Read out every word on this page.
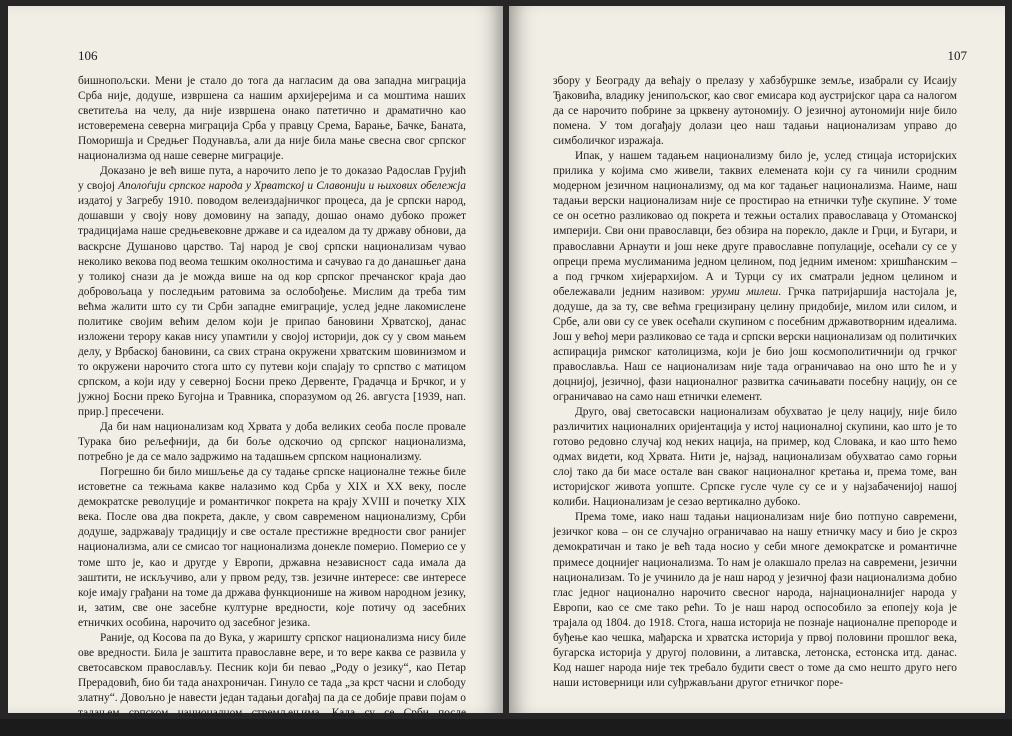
106

бишнопољски. Мени је стало до тога да нагласим да ова западна миграција Срба није, додуше, извршена са нашим архијерејима и са моштима наших светитеља на челу, да није извршена онако патетично и драматично као истоверемена северна миграција Срба у правцу Срема, Барање, Бачке, Баната, Поморишја и Средњег Подунавља, али да није била мање свесна свог српског национализма од наше северне миграције.

Доказано је већ више пута, а нарочито лепо је то доказао Радослав Грујић у својој Аполоѓији српског народа у Хрватској и Славонији и њихових обележја издатој у Загребу 1910. поводом велеиздајничког процеса, да је српски народ, дошавши у своју нову домовину на западу, дошао онамо дубоко прожет традицијама наше средњевековне државе и са идеалом да ту државу обнови, да васкрсне Душаново царство. Тај народ је свој српски национализам чувао неколико векова под веома тешким околностима и сачувао га до данашњег дана у толикој снази да је можда више на од кор српског пречанског краја дао добровољаца у последњим ратовима за ослобођење. Мислим да треба тим већма жалити што су ти Срби западне емиграције, услед једне лакомислене политике својим већим делом који је припао бановини Хрватској, данас изложени терору какав нису упамтили у својој историји, док су у свом мањем делу, у Врбаској бановини, са свих страна окружени хрватским шовинизмом и то окружени нарочито стога што су путеви који спајају то српство с матицом српском, а који иду у северној Босни преко Дервенте, Градачца и Брчког, и у јужној Босни преко Бугојна и Травника, споразумом од 26. августа [1939, нап. прир.] пресечени.

Да би нам национализам код Хрвата у доба великих сеоба после провале Турака био рељефнији, да би боље одскочио од српског национализма, потребно је да се мало задржимо на тадашњем српском национализму.

Погрешно би било мишљење да су тадање српске националне тежње биле истоветне са тежњама какве налазимо код Срба у XIX и XX веку, после демократске револуције и романтичког покрета на крају XVIII и почетку XIX века. После ова два покрета, дакле, у свом савременом национализму, Срби додуше, задржавају традицију и све остале престижне вредности свог ранијег национализма, али се смисао тог национализма донекле померио. Померио се у томе што је, као и другде у Европи, државна независност сада имала да заштити, не искључиво, али у првом реду, тзв. језичне интересе: све интересе које имају грађани на томе да држава функционише на живом народном језику, и, затим, све оне засебне културне вредности, које потичу од засебних етничких особина, нарочито од засебног језика.

Раније, од Косова па до Вука, у жаришту српског национализма нису биле ове вредности. Била је заштита православне вере, и то вере каква се развила у светосавском православљу. Песник који би певао „Роду о језику“, као Петар Прерадовић, био би тада анахроничан. Гинуло се тада „за крст часни и слободу златну“. Довољно је навести један тадањи догађај па да се добије прави поjам о тадањем српском националном стремљењима. Када су се Срби после чарнојевићске сеобе састали дана 18. јуна 1690. на

107

збору у Београду да већају о прелазу у хабзбуршке земље, изабрали су Исаију Ђаковића, владику јенипољског, као свог емисара код аустријског цара са налогом да се нарочито побрине за црквену аутономију. О језичној аутономији није било помена. У том догађају долази цео наш тадањи национализам управо до симболичког изражаја.

Ипак, у нашем тадањем национализму било је, услед стицаја историјских прилика у којима смо живели, таквих елемената који су га чинили сродним модерном језичном национализму, од ма ког тадањег национализма. Наиме, наш тадањи верски национализам није се простирао на етнички туђе скупине. У томе се он осетно разликовао од покрета и тежњи осталих православаца у Отоманској империји. Сви они православци, без обзира на порекло, дакле и Грци, и Бугари, и православни Арнаути и још неке друге православне популације, осећали су се у опреци према муслиманима једном целином, под једним именом: хришћанским – а под грчком хијерархијом. А и Турци су их сматрали једном целином и обележавали једним називом: уруми милеш. Грчка патријаршија настојала је, додуше, да за ту, све већма грецизирану целину придобије, милом или силом, и Србе, али ови су се увек осећали скупином с посебним државотворним идеалима. Још у већој мери разликовао се тада и српски верски национализам од политичких аспирација римског католицизма, који је био још космополитичнији од грчког православља. Наш се национализам није тада ограничавао на оно што ће и у доцнијој, језичној, фази националног развитка сачињавати посебну нацију, он се ограничавао на само наш етнички елемент.

Друго, овај светосавски национализам обухватао је целу нацију, није било различитих националних оријентација у истој националној скупини, као што је то готово редовно случај код неких нација, на пример, код Словака, и као што ћемо одмах видети, код Хрвата. Нити је, најзад, национализам обухватао само горњи слој тако да би масе остале ван сваког националног кретања и, према томе, ван историјског живота уопште. Српске гусле чуле су се и у најзабаченијој нашој колиби. Национализам је сезао вертикално дубоко.

Према томе, иако наш тадањи национализам није био потпуно савремени, језичког кова – он се случајно ограничавао на нашу етничку масу и био је скроз демократичан и тако је већ тада носио у себи многе демократске и романтичне примесе доцнијег национализма. То нам је олакшало прелаз на савремени, језични национализам. То је учинило да је наш народ у језичној фази национализма добио глас једног национално нарочито свесног народа, најнационалнијег народа у Европи, као се сме тако рећи. То је наш народ оспособило за епопеју која је трајала од 1804. до 1918. Стога, наша историја не познаје националне препороде и буђење као чешка, мађарска и хрватска историја у првој половини прошлог века, бугарска историја у другој половини, а литавска, летонска, естонска итд. данас. Код нашег народа није тек требало будити свест о томе да смо нешто друго него наши истоверници или суђржављани другог етничког поре-
